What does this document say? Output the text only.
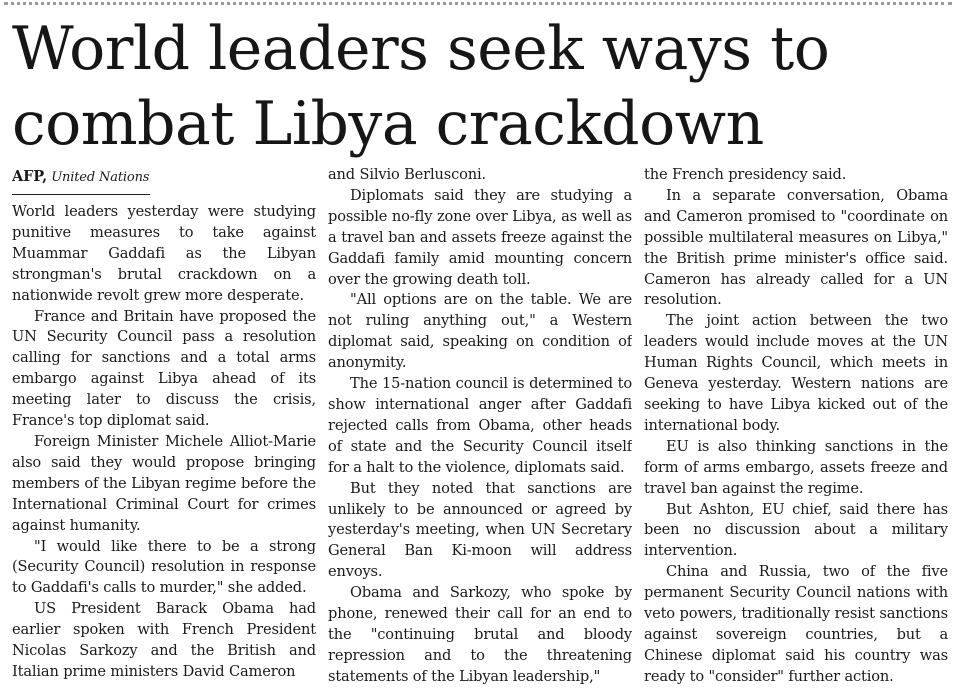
World leaders seek ways to combat Libya crackdown
AFP, United Nations

World leaders yesterday were studying punitive measures to take against Muammar Gaddafi as the Libyan strongman's brutal crackdown on a nationwide revolt grew more desperate.

France and Britain have proposed the UN Security Council pass a resolution calling for sanctions and a total arms embargo against Libya ahead of its meeting later to discuss the crisis, France's top diplomat said.

Foreign Minister Michele Alliot-Marie also said they would propose bringing members of the Libyan regime before the International Criminal Court for crimes against humanity.

"I would like there to be a strong (Security Council) resolution in response to Gaddafi's calls to murder," she added.

US President Barack Obama had earlier spoken with French President Nicolas Sarkozy and the British and Italian prime ministers David Cameron

and Silvio Berlusconi.

Diplomats said they are studying a possible no-fly zone over Libya, as well as a travel ban and assets freeze against the Gaddafi family amid mounting concern over the growing death toll.

"All options are on the table. We are not ruling anything out," a Western diplomat said, speaking on condition of anonymity.

The 15-nation council is determined to show international anger after Gaddafi rejected calls from Obama, other heads of state and the Security Council itself for a halt to the violence, diplomats said.

But they noted that sanctions are unlikely to be announced or agreed by yesterday's meeting, when UN Secretary General Ban Ki-moon will address envoys.

Obama and Sarkozy, who spoke by phone, renewed their call for an end to the "continuing brutal and bloody repression and to the threatening statements of the Libyan leadership,"

the French presidency said.

In a separate conversation, Obama and Cameron promised to "coordinate on possible multilateral measures on Libya," the British prime minister's office said. Cameron has already called for a UN resolution.

The joint action between the two leaders would include moves at the UN Human Rights Council, which meets in Geneva yesterday. Western nations are seeking to have Libya kicked out of the international body.

EU is also thinking sanctions in the form of arms embargo, assets freeze and travel ban against the regime.

But Ashton, EU chief, said there has been no discussion about a military intervention.

China and Russia, two of the five permanent Security Council nations with veto powers, traditionally resist sanctions against sovereign countries, but a Chinese diplomat said his country was ready to "consider" further action.
